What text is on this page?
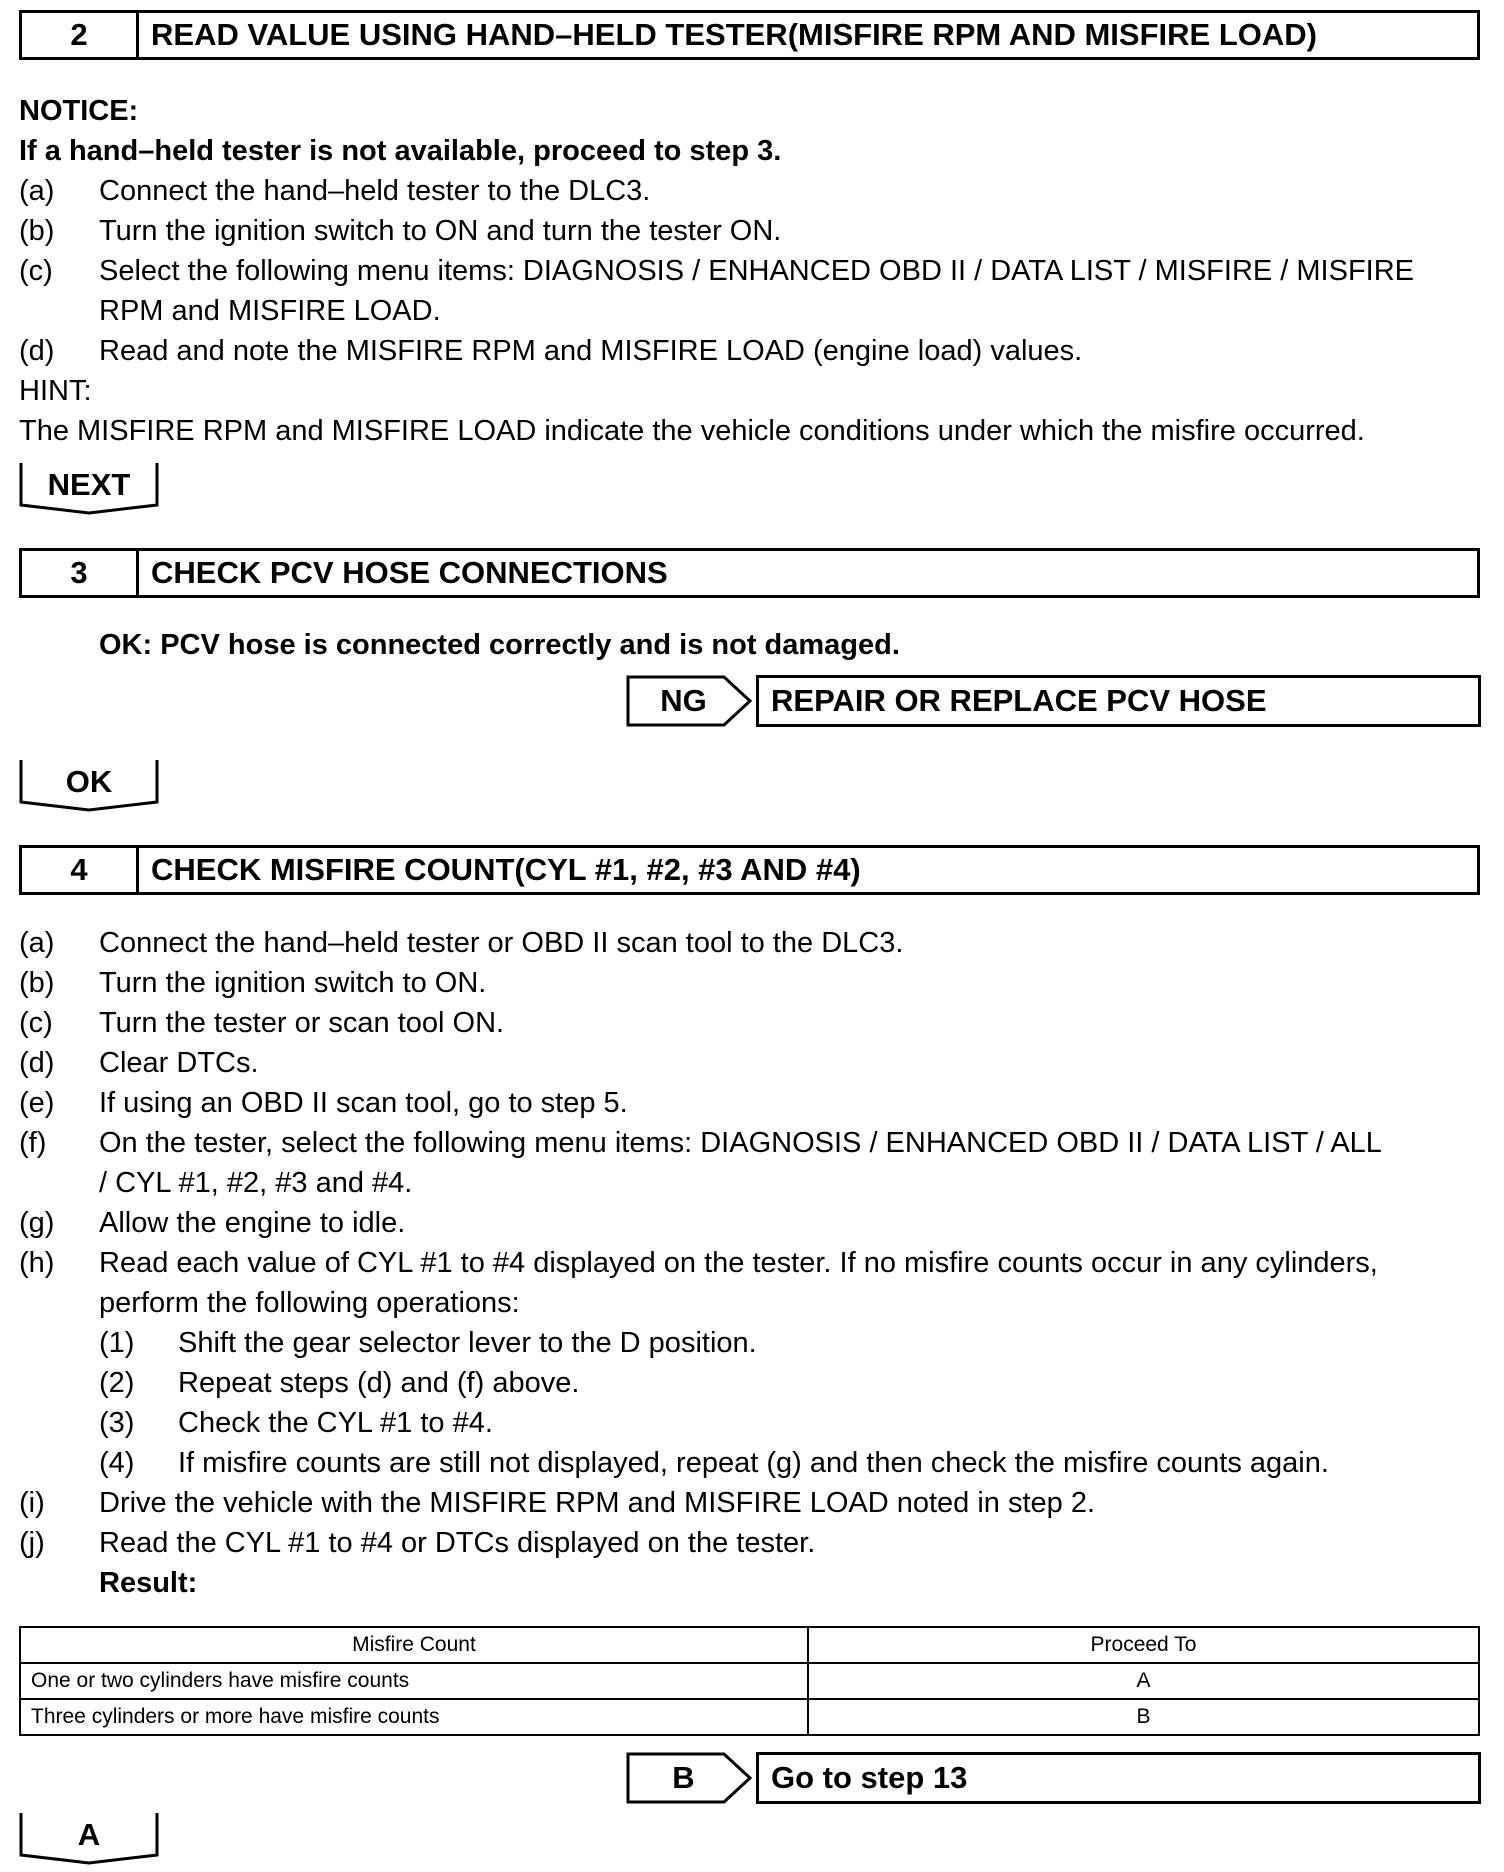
2	READ VALUE USING HAND–HELD TESTER(MISFIRE RPM AND MISFIRE LOAD)
NOTICE:
If a hand–held tester is not available, proceed to step 3.
(a) Connect the hand–held tester to the DLC3.
(b) Turn the ignition switch to ON and turn the tester ON.
(c) Select the following menu items: DIAGNOSIS / ENHANCED OBD II / DATA LIST / MISFIRE / MISFIRE
RPM and MISFIRE LOAD.
(d) Read and note the MISFIRE RPM and MISFIRE LOAD (engine load) values.
HINT:
The MISFIRE RPM and MISFIRE LOAD indicate the vehicle conditions under which the misfire occurred.
NEXT
3	CHECK PCV HOSE CONNECTIONS
OK: PCV hose is connected correctly and is not damaged.
NG	REPAIR OR REPLACE PCV HOSE
OK
4	CHECK MISFIRE COUNT(CYL #1, #2, #3 AND #4)
(a) Connect the hand–held tester or OBD II scan tool to the DLC3.
(b) Turn the ignition switch to ON.
(c) Turn the tester or scan tool ON.
(d) Clear DTCs.
(e) If using an OBD II scan tool, go to step 5.
(f) On the tester, select the following menu items: DIAGNOSIS / ENHANCED OBD II / DATA LIST / ALL
/ CYL #1, #2, #3 and #4.
(g) Allow the engine to idle.
(h) Read each value of CYL #1 to #4 displayed on the tester. If no misfire counts occur in any cylinders,
perform the following operations:
(1) Shift the gear selector lever to the D position.
(2) Repeat steps (d) and (f) above.
(3) Check the CYL #1 to #4.
(4) If misfire counts are still not displayed, repeat (g) and then check the misfire counts again.
(i) Drive the vehicle with the MISFIRE RPM and MISFIRE LOAD noted in step 2.
(j) Read the CYL #1 to #4 or DTCs displayed on the tester.
Result:
Misfire Count	Proceed To
One or two cylinders have misfire counts	A
Three cylinders or more have misfire counts	B
B	Go to step 13
A
